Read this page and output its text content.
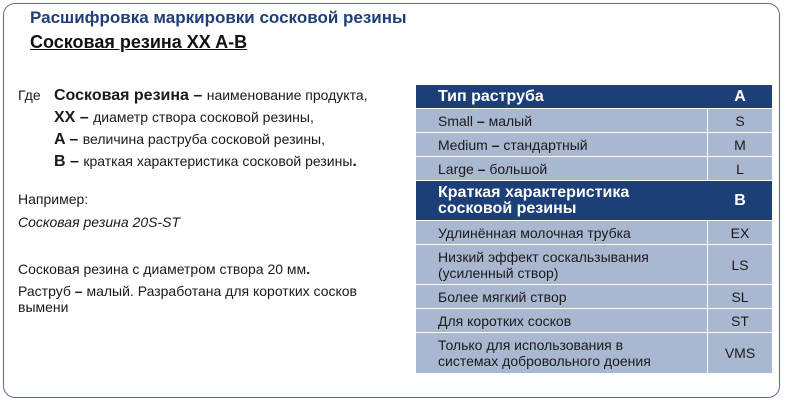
Расшифровка маркировки сосковой резины
Сосковая резина XX A-B
Где Сосковая резина – наименование продукта,
XX – диаметр створа сосковой резины,
A – величина раструба сосковой резины,
B – краткая характеристика сосковой резины.
Например:
Сосковая резина 20S-ST
Сосковая резина с диаметром створа 20 мм.
Раструб – малый. Разработана для коротких сосков вымени
Тип раструба	A
Small – малый	S
Medium – стандартный	M
Large – большой	L
Краткая характеристика
сосковой резины	B
Удлинённая молочная трубка	EX
Низкий эффект соскальзывания
(усиленный створ)	LS
Более мягкий створ	SL
Для коротких сосков	ST
Только для использования в
системах добровольного доения	VMS
